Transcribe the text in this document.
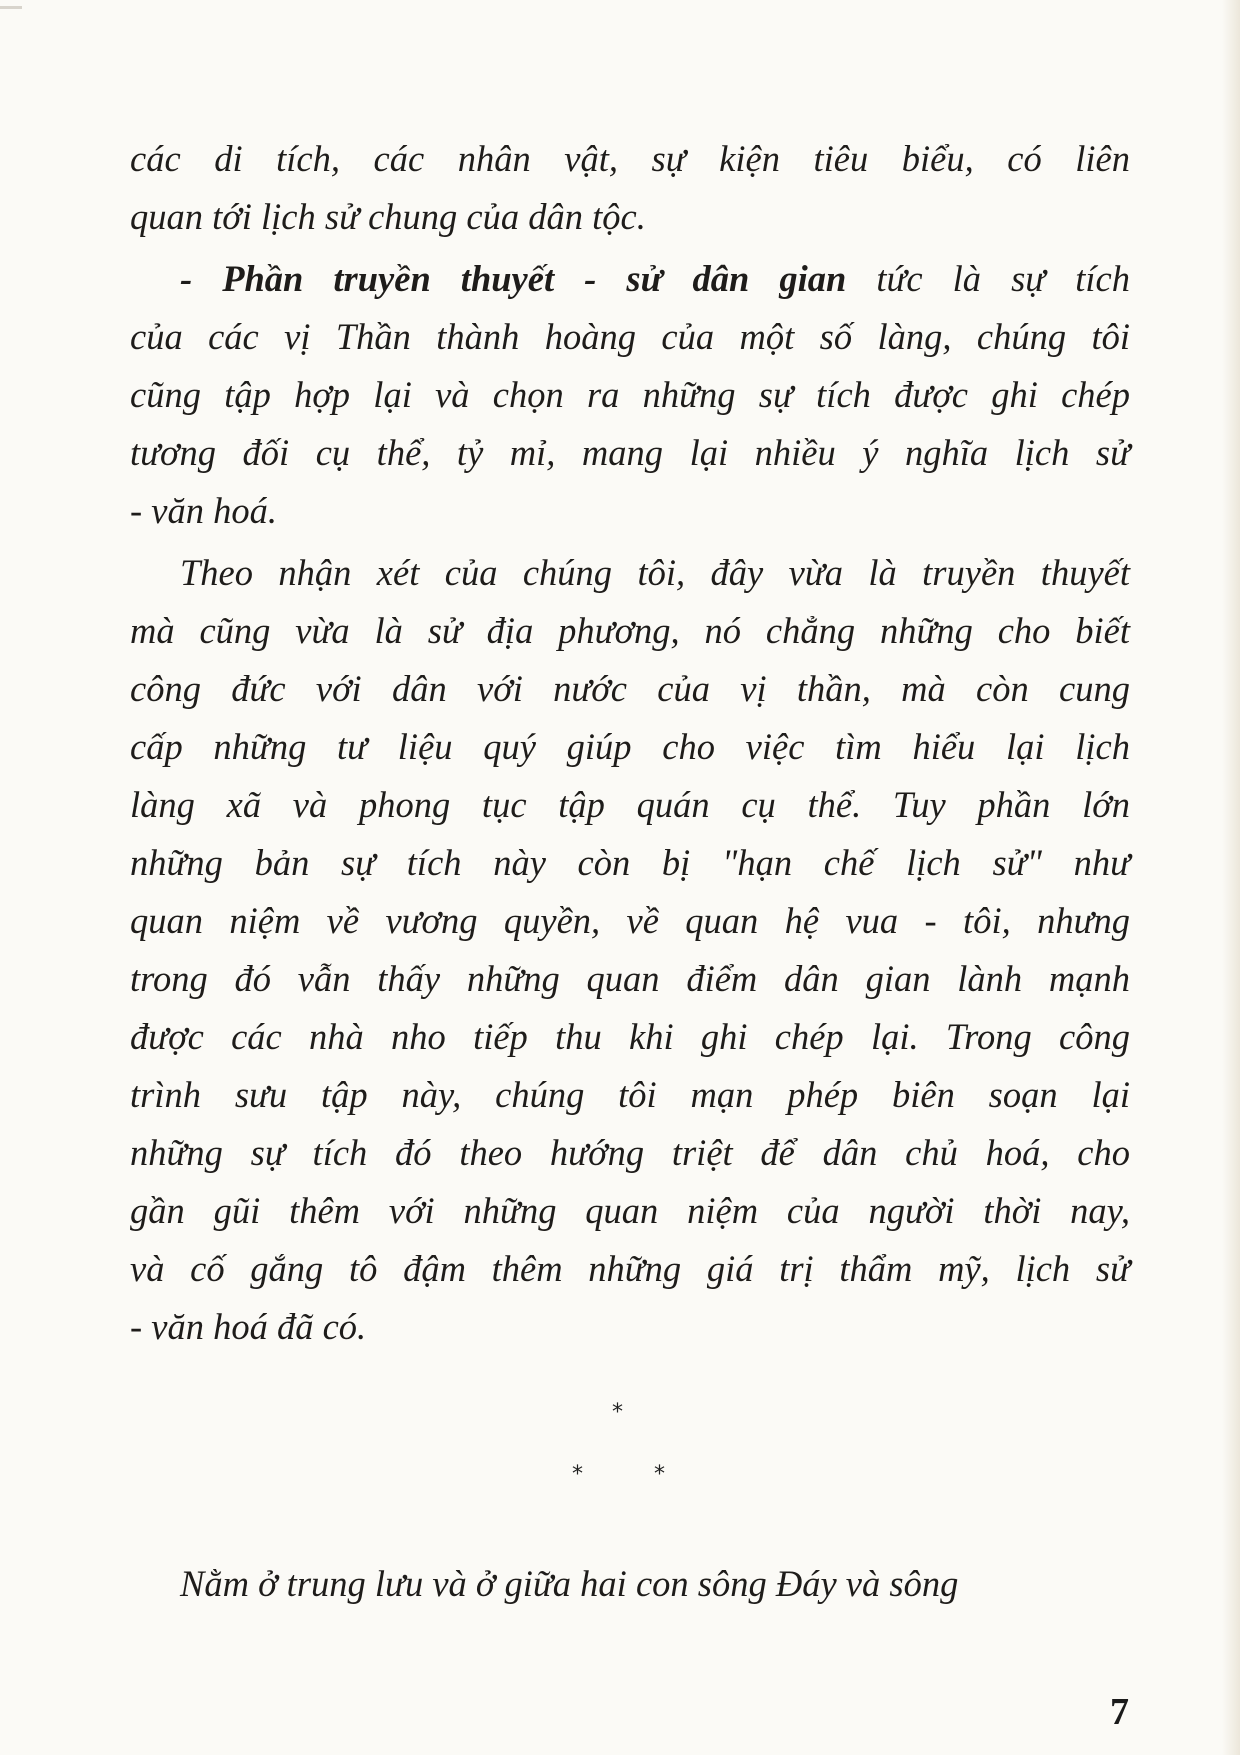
các di tích, các nhân vật, sự kiện tiêu biểu, có liên
quan tới lịch sử chung của dân tộc.
- Phần truyền thuyết - sử dân gian tức là sự tích
của các vị Thần thành hoàng của một số làng, chúng tôi
cũng tập hợp lại và chọn ra những sự tích được ghi chép
tương đối cụ thể, tỷ mỉ, mang lại nhiều ý nghĩa lịch sử
- văn hoá.
Theo nhận xét của chúng tôi, đây vừa là truyền thuyết
mà cũng vừa là sử địa phương, nó chẳng những cho biết
công đức với dân với nước của vị thần, mà còn cung
cấp những tư liệu quý giúp cho việc tìm hiểu lại lịch
làng xã và phong tục tập quán cụ thể. Tuy phần lớn
những bản sự tích này còn bị "hạn chế lịch sử" như
quan niệm về vương quyền, về quan hệ vua - tôi, nhưng
trong đó vẫn thấy những quan điểm dân gian lành mạnh
được các nhà nho tiếp thu khi ghi chép lại. Trong công
trình sưu tập này, chúng tôi mạn phép biên soạn lại
những sự tích đó theo hướng triệt để dân chủ hoá, cho
gần gũi thêm với những quan niệm của người thời nay,
và cố gắng tô đậm thêm những giá trị thẩm mỹ, lịch sử
- văn hoá đã có.
*
*	*
Nằm ở trung lưu và ở giữa hai con sông Đáy và sông
7
